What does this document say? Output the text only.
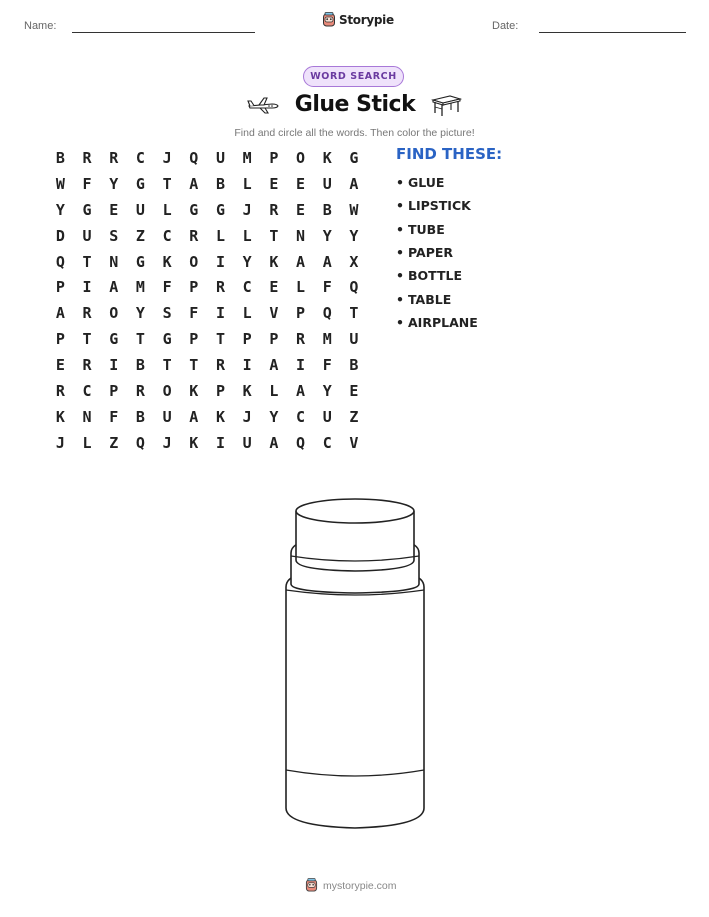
Name:	Storypie	Date:
WORD SEARCH
Glue Stick
Find and circle all the words. Then color the picture!
B	R	R	C	J	Q	U	M	P	O	K	G
W	F	Y	G	T	A	B	L	E	E	U	A
Y	G	E	U	L	G	G	J	R	E	B	W
D	U	S	Z	C	R	L	L	T	N	Y	Y
Q	T	N	G	K	O	I	Y	K	A	A	X
P	I	A	M	F	P	R	C	E	L	F	Q
A	R	O	Y	S	F	I	L	V	P	Q	T
P	T	G	T	G	P	T	P	P	R	M	U
E	R	I	B	T	T	R	I	A	I	F	B
R	C	P	R	O	K	P	K	L	A	Y	E
K	N	F	B	U	A	K	J	Y	C	U	Z
J	L	Z	Q	J	K	I	U	A	Q	C	V
FIND THESE:
• GLUE
• LIPSTICK
• TUBE
• PAPER
• BOTTLE
• TABLE
• AIRPLANE
mystorypie.com
